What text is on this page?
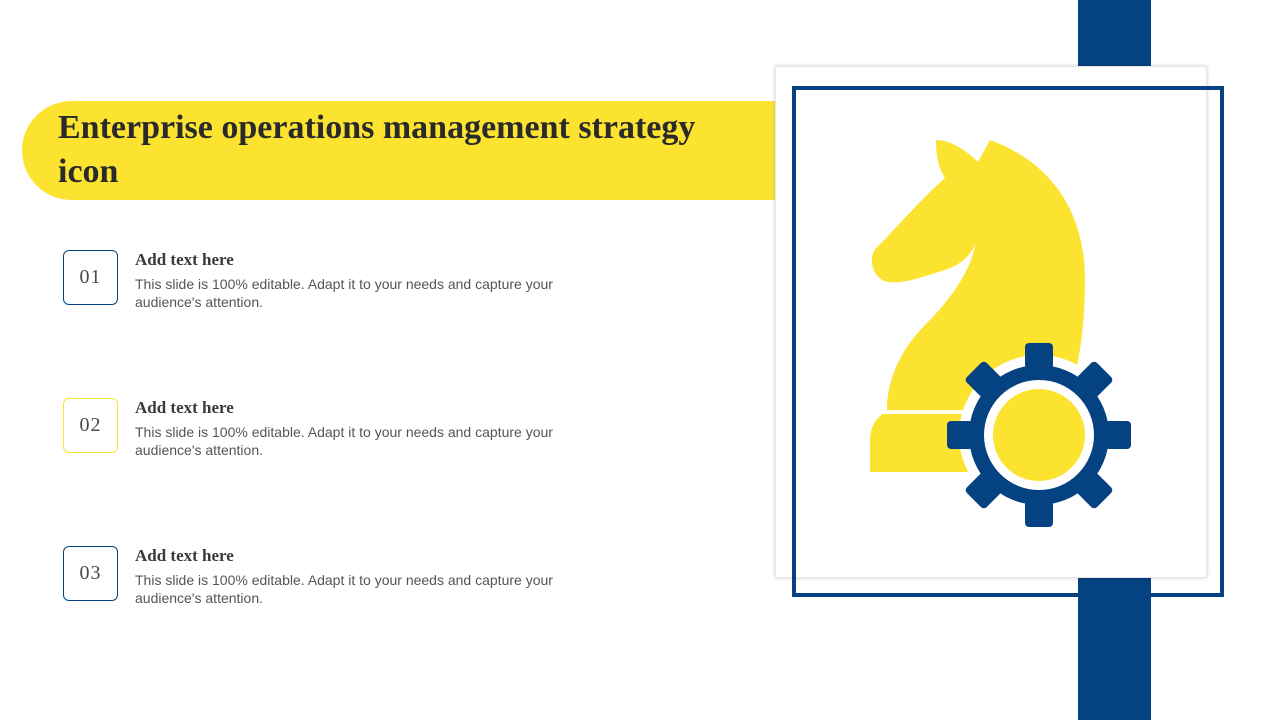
Enterprise operations management strategy icon
01

Add text here

This slide is 100% editable. Adapt it to your needs and capture your audience's attention.

02

Add text here

This slide is 100% editable. Adapt it to your needs and capture your audience's attention.

03

Add text here

This slide is 100% editable. Adapt it to your needs and capture your audience's attention.
